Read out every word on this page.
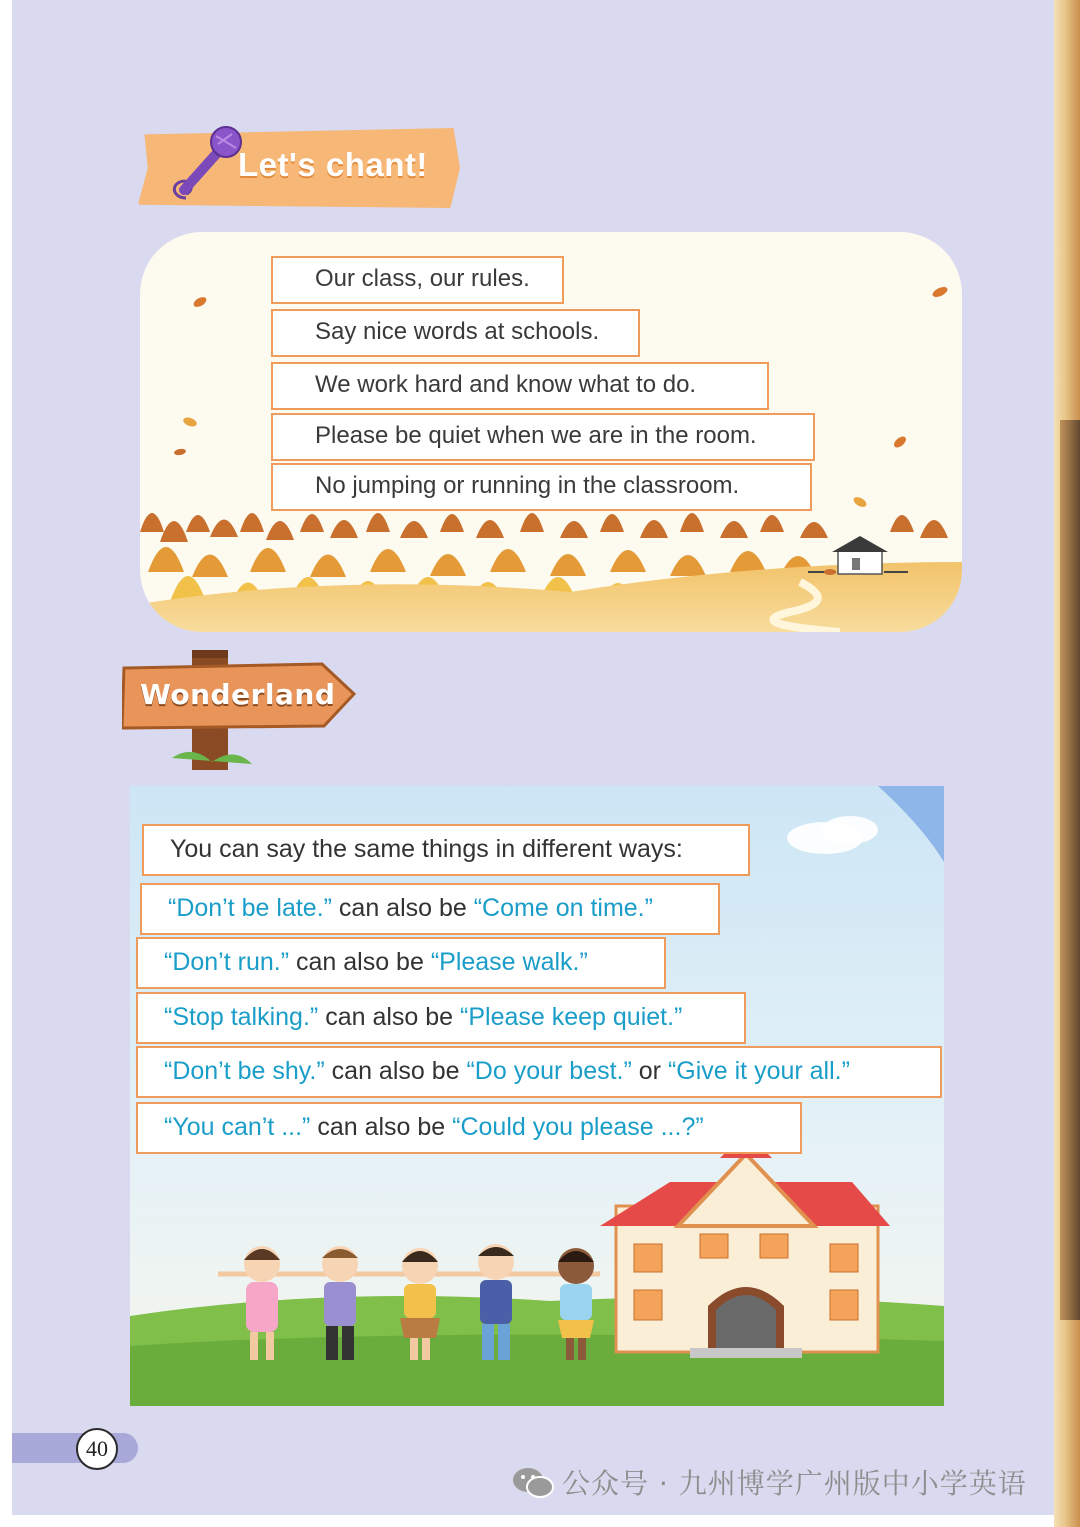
Let's chant!
Our class, our rules.
Say nice words at schools.
We work hard and know what to do.
Please be quiet when we are in the room.
No jumping or running in the classroom.
Wonderland
You can say the same things in different ways:
“Don’t be late.” can also be “Come on time.”
“Don’t run.” can also be “Please walk.”
“Stop talking.” can also be “Please keep quiet.”
“Don’t be shy.” can also be “Do your best.” or “Give it your all.”
“You can’t ...” can also be “Could you please ...?”
40
公众号 · 九州博学广州版中小学英语
